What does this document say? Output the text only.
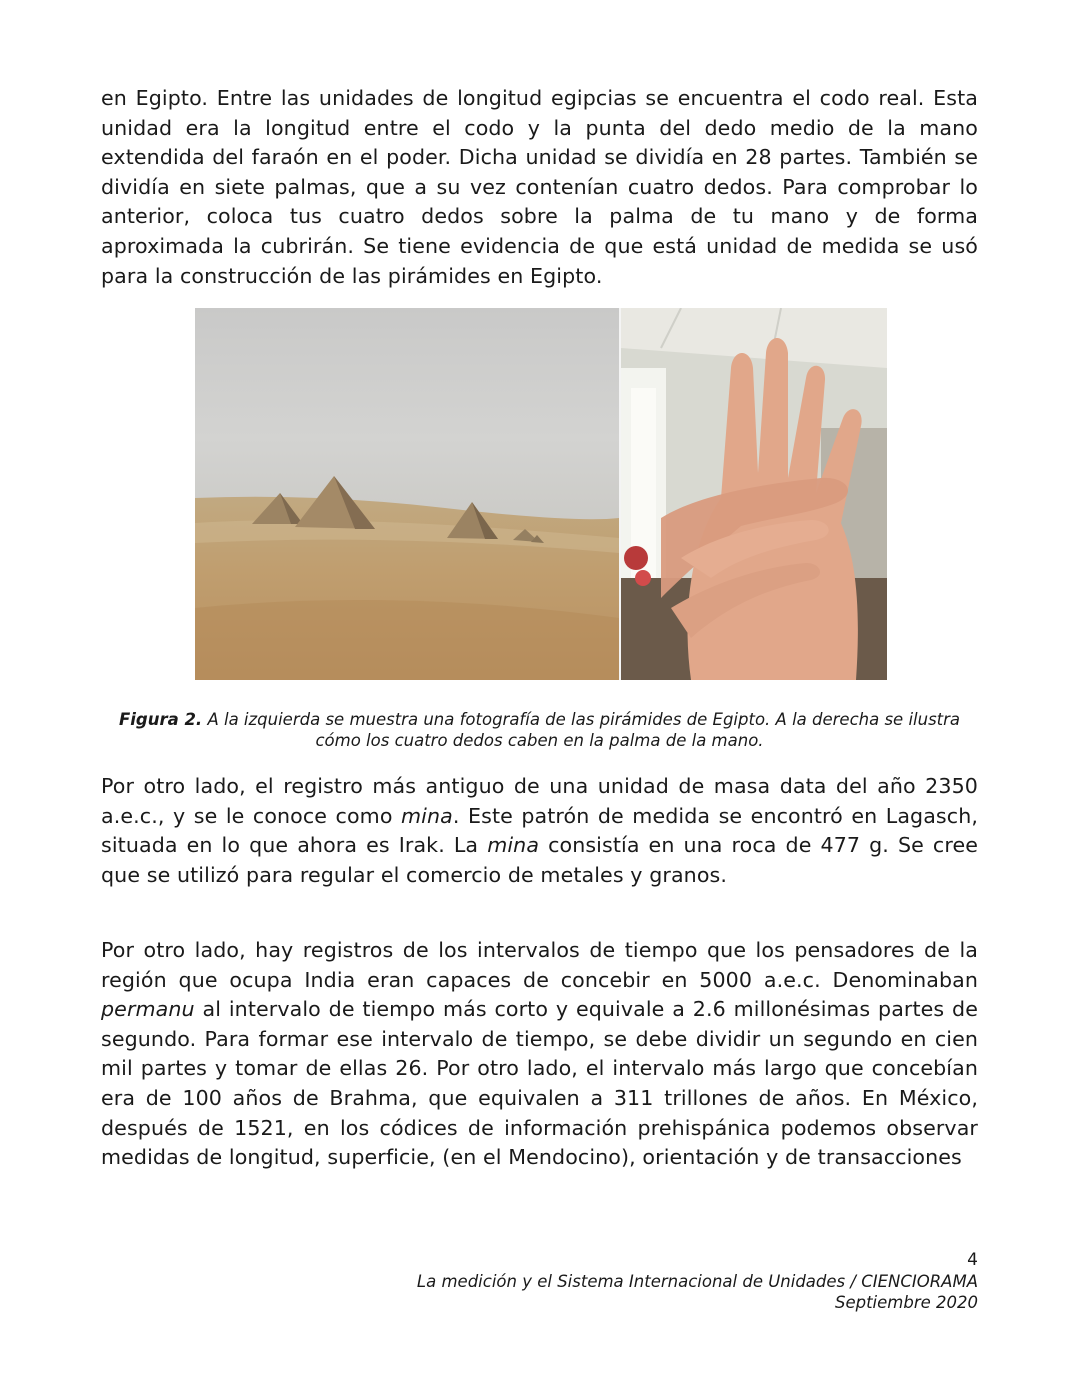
en Egipto. Entre las unidades de longitud egipcias se encuentra el codo real. Esta unidad era la longitud entre el codo y la punta del dedo medio de la mano extendida del faraón en el poder. Dicha unidad se dividía en 28 partes. También se dividía en siete palmas, que a su vez contenían cuatro dedos. Para comprobar lo anterior, coloca tus cuatro dedos sobre la palma de tu mano y de forma aproximada la cubrirán. Se tiene evidencia de que está unidad de medida se usó para la construcción de las pirámides en Egipto.

Figura 2. A la izquierda se muestra una fotografía de las pirámides de Egipto. A la derecha se ilustra cómo los cuatro dedos caben en la palma de la mano.

Por otro lado, el registro más antiguo de una unidad de masa data del año 2350 a.e.c., y se le conoce como mina. Este patrón de medida se encontró en Lagasch, situada en lo que ahora es Irak. La mina consistía en una roca de 477 g. Se cree que se utilizó para regular el comercio de metales y granos.

Por otro lado, hay registros de los intervalos de tiempo que los pensadores de la región que ocupa India eran capaces de concebir en 5000 a.e.c. Denominaban permanu al intervalo de tiempo más corto y equivale a 2.6 millonésimas partes de segundo. Para formar ese intervalo de tiempo, se debe dividir un segundo en cien mil partes y tomar de ellas 26. Por otro lado, el intervalo más largo que concebían era de 100 años de Brahma, que equivalen a 311 trillones de años. En México, después de 1521, en los códices de información prehispánica podemos observar medidas de longitud, superficie, (en el Mendocino), orientación y de transacciones

4

La medición y el Sistema Internacional de Unidades / CIENCIORAMA

Septiembre 2020
